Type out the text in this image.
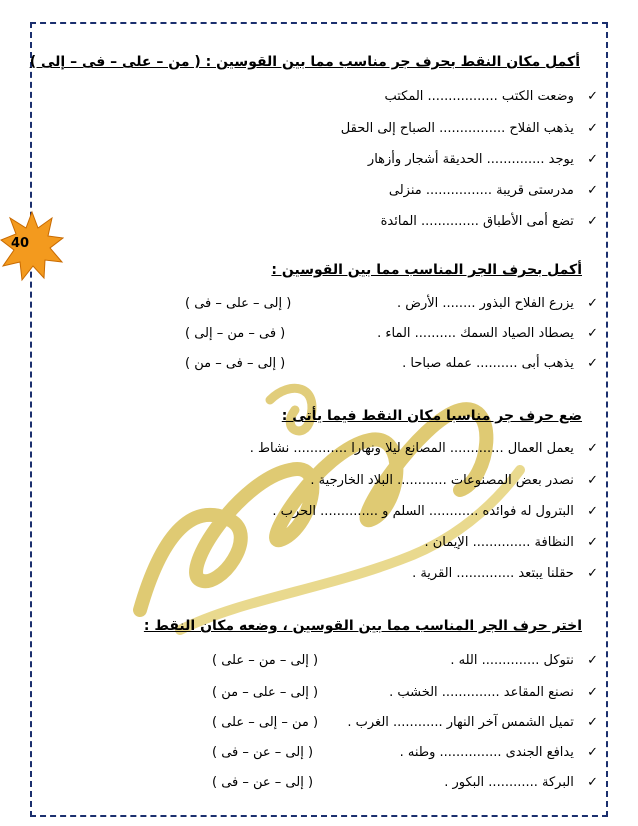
40
أكمل مكان النقط بحرف جر مناسب مما بين القوسين : ( من – على – فى – إلى )
✓ وضعت الكتب ................. المكتب
✓ يذهب الفلاح ................ الصباح إلى الحقل
✓ يوجد .............. الحديقة أشجار وأزهار
✓ مدرستى قريبة ................ منزلى
✓ تضع أمى الأطباق .............. المائدة
أكمل بحرف الجر المناسب مما بين القوسين :
✓ يزرع الفلاح البذور ........ الأرض .
( إلى – على – فى )
✓ يصطاد الصياد السمك .......... الماء .
( فى – من – إلى )
✓ يذهب أبى .......... عمله صباحا .
( إلى – فى – من )
ضع حرف جر مناسبا مكان النقط فيما يأتى :
✓ يعمل العمال ............. المصانع ليلا ونهارا ............. نشاط .
✓ نصدر بعض المصنوعات ............ البلاد الخارجية .
✓ البترول له فوائده ............ السلم و .............. الحرب .
✓ النظافة .............. الإيمان .
✓ حقلنا يبتعد .............. القرية .
اختر حرف الجر المناسب مما بين القوسين ، وضعه مكان النقط :
✓ نتوكل .............. الله .
( إلى – من – على )
✓ نصنع المقاعد .............. الخشب .
( إلى – على – من )
✓ تميل الشمس آخر النهار ............ الغرب .
( من – إلى – على )
✓ يدافع الجندى ............... وطنه .
( إلى – عن – فى )
✓ البركة ............ البكور .
( إلى – عن – فى )
